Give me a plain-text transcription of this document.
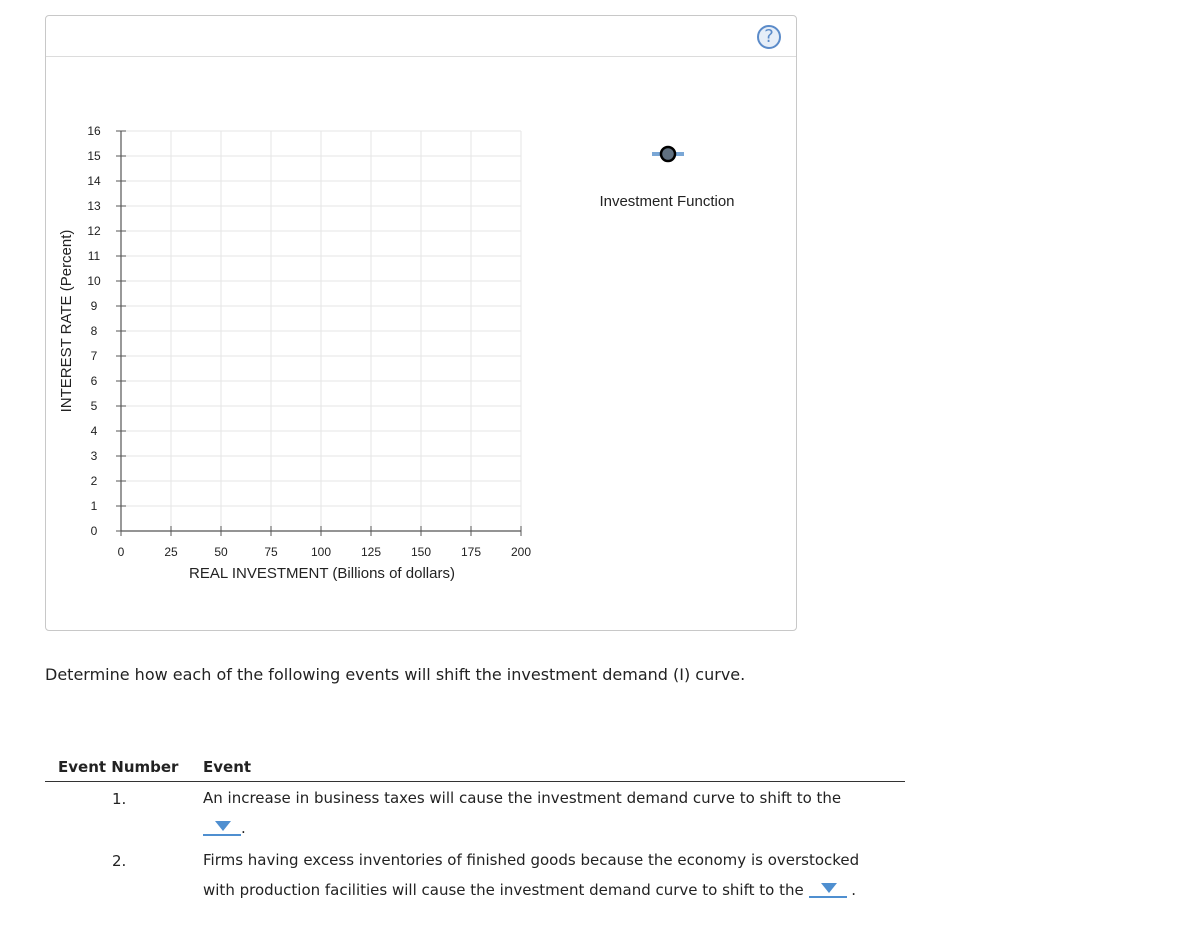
?
0	25	50	75	100 125 150 175 200
0
1
2
3
4
5
6
7
8
9
10
11
12
13
14
15
16
REAL INVESTMENT (Billions of dollars)
INTEREST RATE (Percent)
Investment Function
Determine how each of the following events will shift the investment demand (I) curve.
Event Number Event
1.	An increase in business taxes will cause the investment demand curve to shift to the
.
2.	Firms having excess inventories of finished goods because the economy is overstocked
with production facilities will cause the investment demand curve to shift to the	.
